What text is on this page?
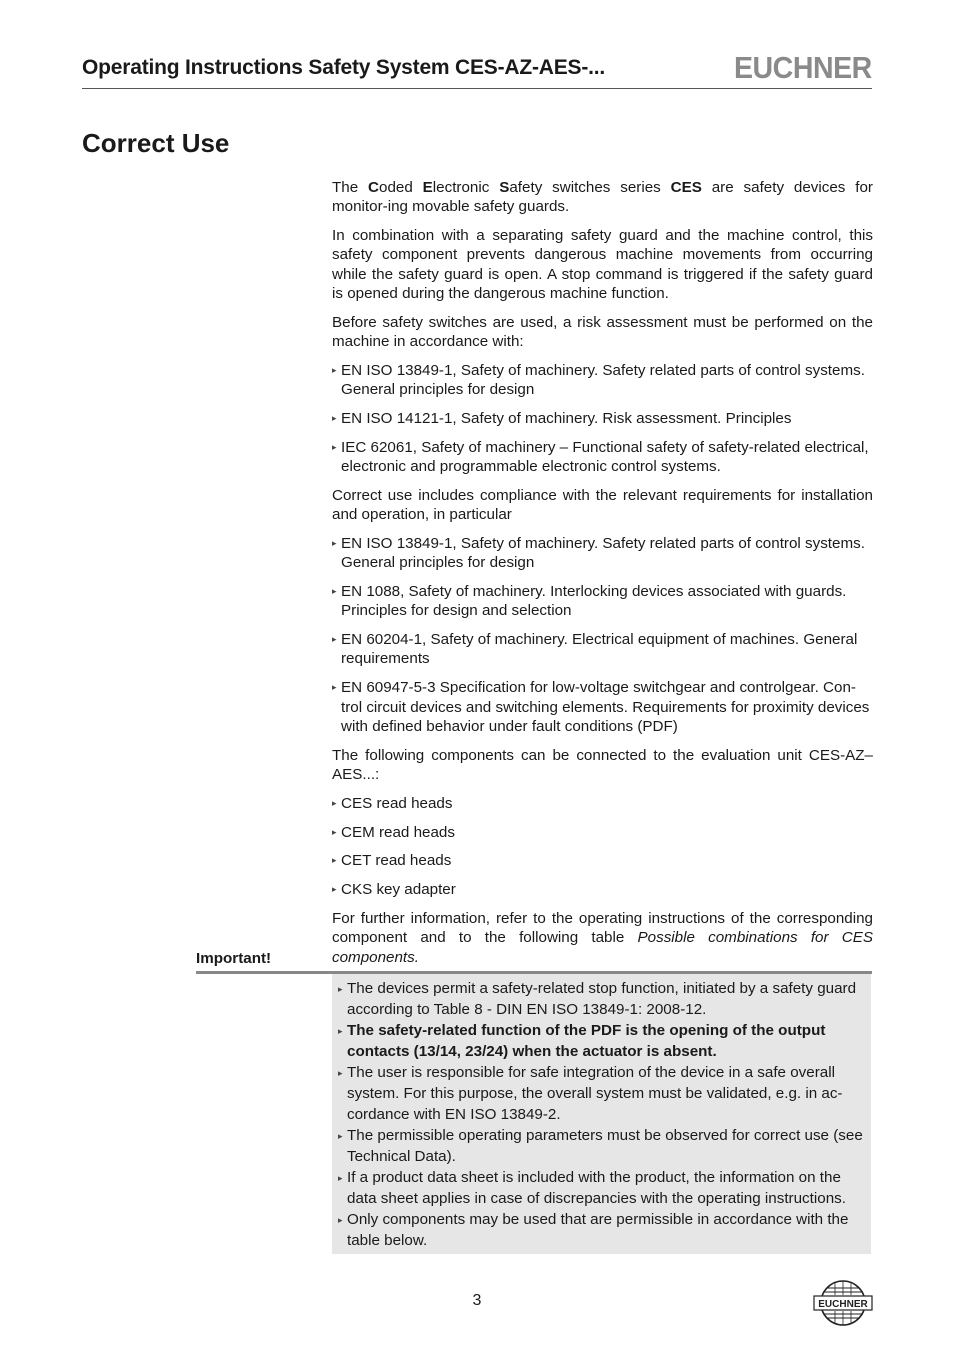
Operating Instructions Safety System CES-AZ-AES-...	EUCHNER
Correct Use

The Coded Electronic Safety switches series CES are safety devices for monitor-ing movable safety guards.

In combination with a separating safety guard and the machine control, this safety component prevents dangerous machine movements from occurring while the safety guard is open. A stop command is triggered if the safety guard is opened during the dangerous machine function.

Before safety switches are used, a risk assessment must be performed on the machine in accordance with:

▸ EN ISO 13849-1, Safety of machinery. Safety related parts of control systems. General principles for design
▸ EN ISO 14121-1, Safety of machinery. Risk assessment. Principles
▸ IEC 62061, Safety of machinery – Functional safety of safety-related electrical, electronic and programmable electronic control systems.

Correct use includes compliance with the relevant requirements for installation and operation, in particular

▸ EN ISO 13849-1, Safety of machinery. Safety related parts of control systems. General principles for design
▸ EN 1088, Safety of machinery. Interlocking devices associated with guards. Principles for design and selection
▸ EN 60204-1, Safety of machinery. Electrical equipment of machines. General requirements
▸ EN 60947-5-3 Specification for low-voltage switchgear and controlgear. Con-trol circuit devices and switching elements. Requirements for proximity devices with defined behavior under fault conditions (PDF)

The following components can be connected to the evaluation unit CES-AZ–AES...:

▸ CES read heads
▸ CEM read heads
▸ CET read heads
▸ CKS key adapter

For further information, refer to the operating instructions of the corresponding component and to the following table Possible combinations for CES components.

Important!
▸ The devices permit a safety-related stop function, initiated by a safety guard according to Table 8 - DIN EN ISO 13849-1: 2008-12.
▸ The safety-related function of the PDF is the opening of the output contacts (13/14, 23/24) when the actuator is absent.
▸ The user is responsible for safe integration of the device in a safe overall system. For this purpose, the overall system must be validated, e.g. in ac-cordance with EN ISO 13849-2.
▸ The permissible operating parameters must be observed for correct use (see Technical Data).
▸ If a product data sheet is included with the product, the information on the data sheet applies in case of discrepancies with the operating instructions.
▸ Only components may be used that are permissible in accordance with the table below.
3	EUCHNER
